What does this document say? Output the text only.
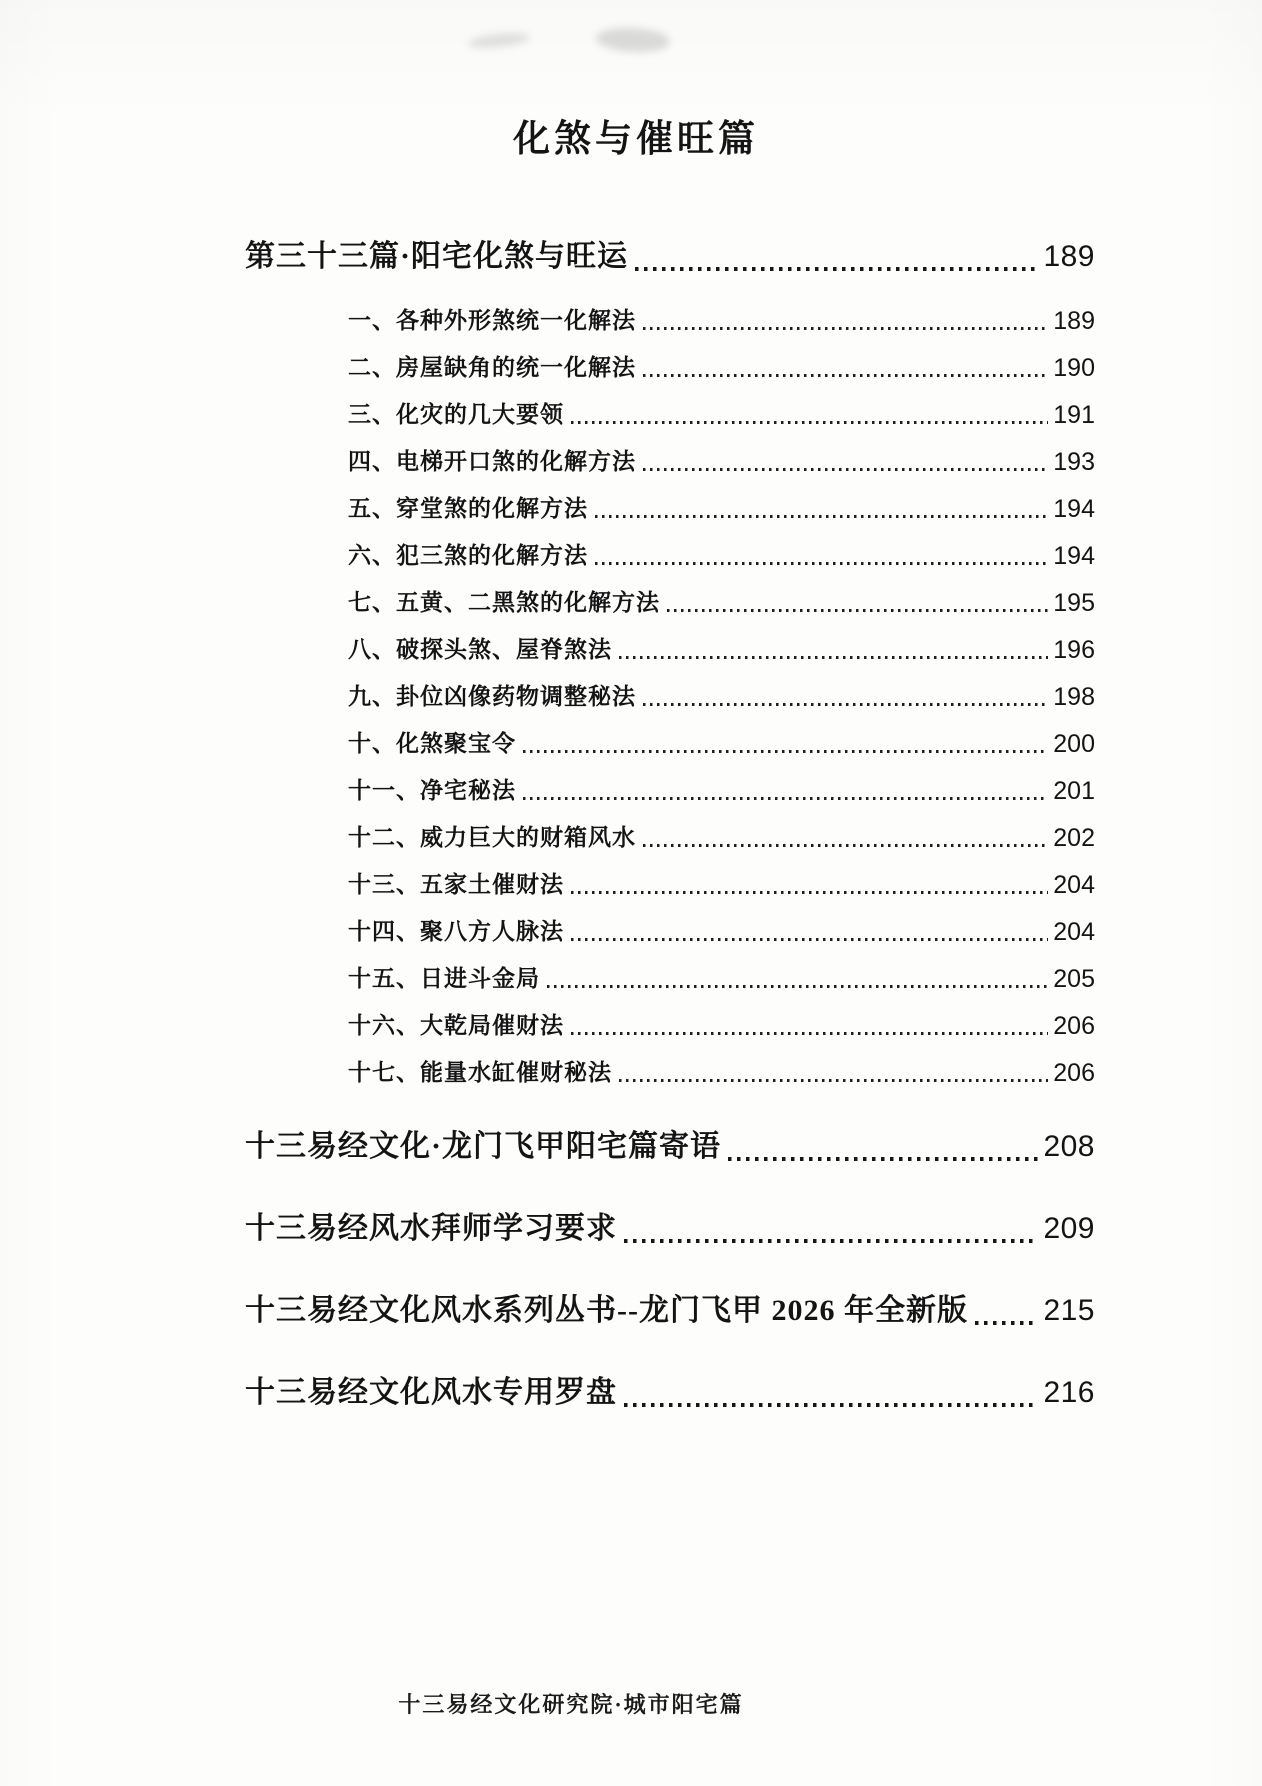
化煞与催旺篇
第三十三篇·阳宅化煞与旺运	189
一、各种外形煞统一化解法	189
二、房屋缺角的统一化解法	190
三、化灾的几大要领	191
四、电梯开口煞的化解方法	193
五、穿堂煞的化解方法	194
六、犯三煞的化解方法	194
七、五黄、二黑煞的化解方法	195
八、破探头煞、屋脊煞法	196
九、卦位凶像药物调整秘法	198
十、化煞聚宝令	200
十一、净宅秘法	201
十二、威力巨大的财箱风水	202
十三、五家土催财法	204
十四、聚八方人脉法	204
十五、日进斗金局	205
十六、大乾局催财法	206
十七、能量水缸催财秘法	206
十三易经文化·龙门飞甲阳宅篇寄语	208
十三易经风水拜师学习要求	209
十三易经文化风水系列丛书--龙门飞甲 2026 年全新版	215
十三易经文化风水专用罗盘	216
十三易经文化研究院·城市阳宅篇
